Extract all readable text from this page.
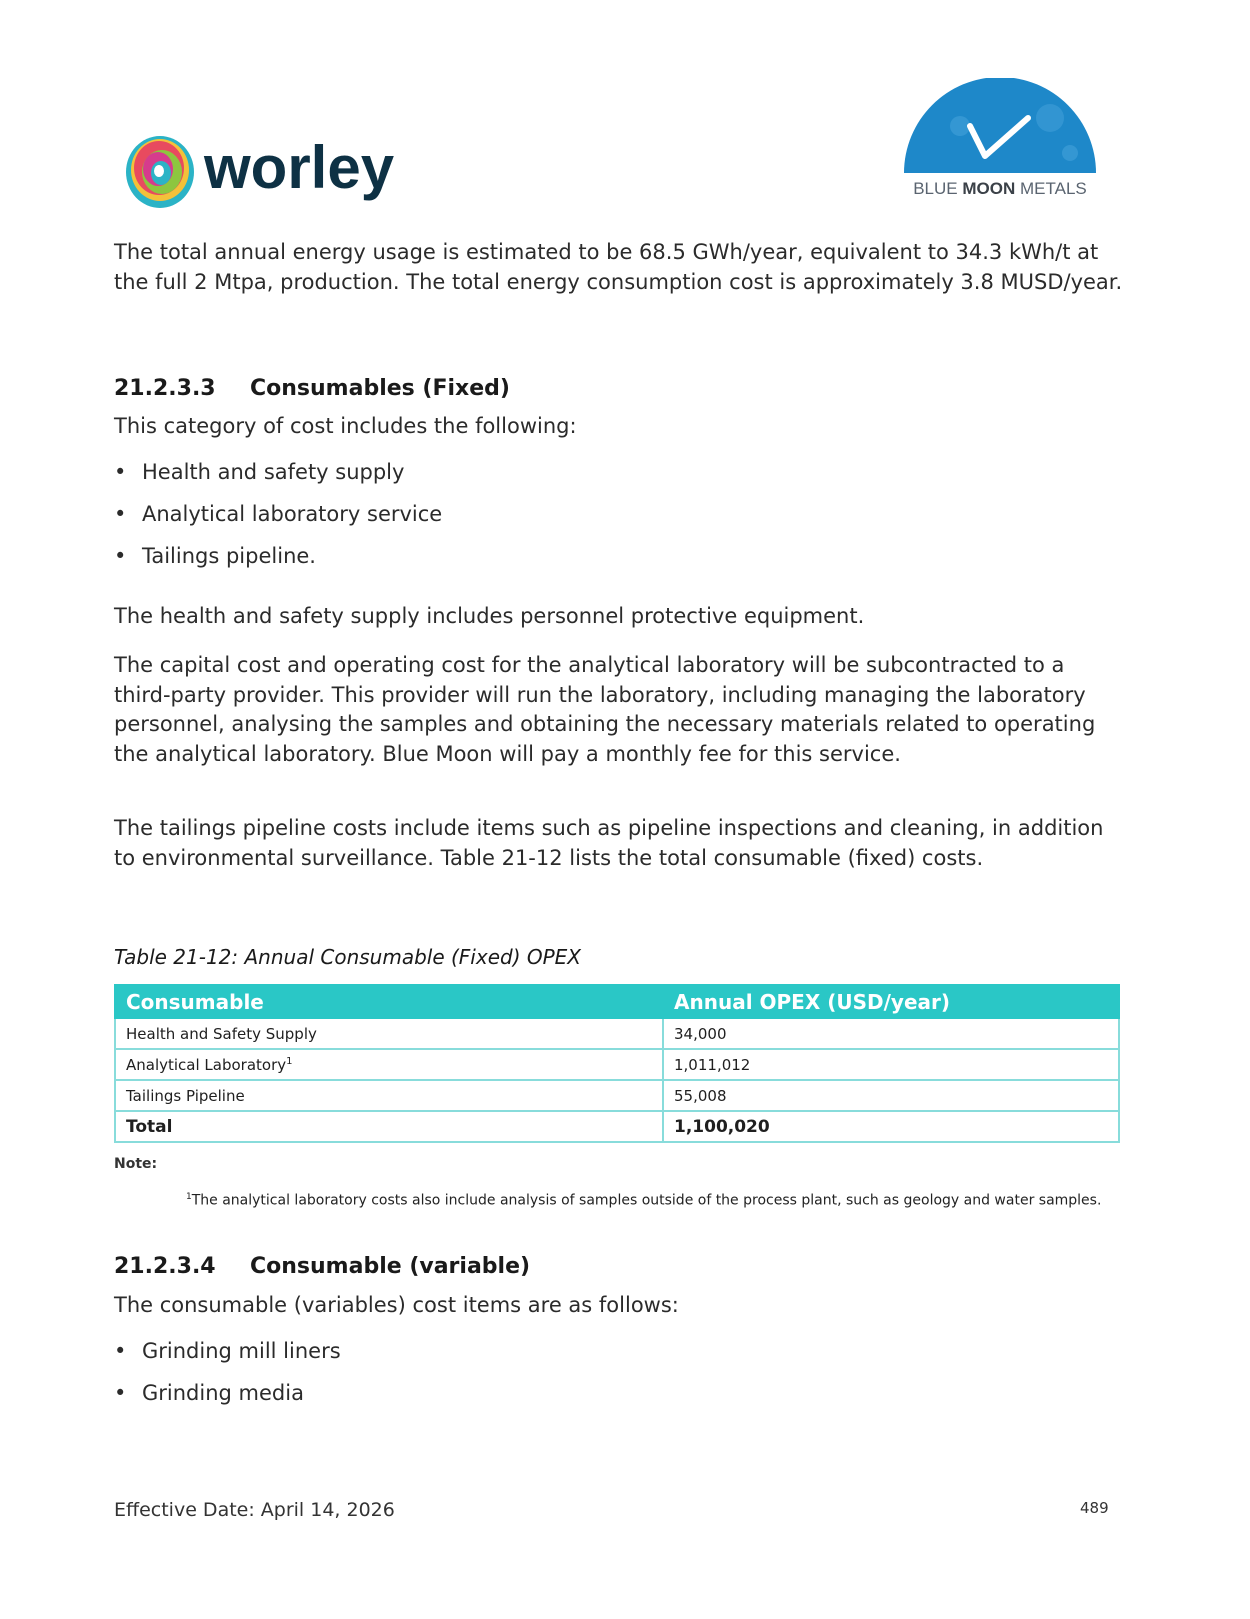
worley	BLUE MOON METALS

The total annual energy usage is estimated to be 68.5 GWh/year, equivalent to 34.3 kWh/t at the full 2 Mtpa, production. The total energy consumption cost is approximately 3.8 MUSD/year.

21.2.3.3 Consumables (Fixed)

This category of cost includes the following:

• Health and safety supply
• Analytical laboratory service
• Tailings pipeline.

The health and safety supply includes personnel protective equipment.

The capital cost and operating cost for the analytical laboratory will be subcontracted to a third-party provider. This provider will run the laboratory, including managing the laboratory personnel, analysing the samples and obtaining the necessary materials related to operating the analytical laboratory. Blue Moon will pay a monthly fee for this service.

The tailings pipeline costs include items such as pipeline inspections and cleaning, in addition to environmental surveillance. Table 21-12 lists the total consumable (fixed) costs.

Table 21-12: Annual Consumable (Fixed) OPEX
Consumable	Annual OPEX (USD/year)
Health and Safety Supply	34,000
Analytical Laboratory$^1$	1,011,012
Tailings Pipeline	55,008
Total	1,100,020
Note:
$^1$The analytical laboratory costs also include analysis of samples outside of the process plant, such as geology and water samples.
21.2.3.4 Consumable (variable)

The consumable (variables) cost items are as follows:

• Grinding mill liners
• Grinding media
Effective Date: April 14, 2026	489
